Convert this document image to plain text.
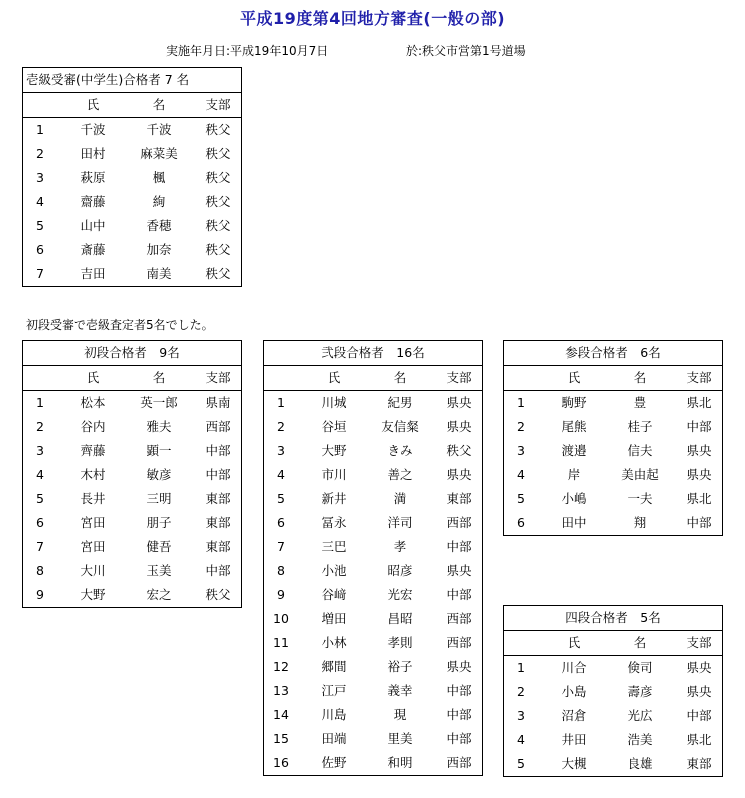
平成19度第4回地方審査(一般の部)
実施年月日:平成19年10月7日	於:秩父市営第1号道場
壱級受審(中学生)合格者 7 名
氏	名	支部
1	千波	千波	秩父
2	田村	麻菜美	秩父
3	萩原	楓	秩父
4	齋藤	絢	秩父
5	山中	香穂	秩父
6	斎藤	加奈	秩父
7	吉田	南美	秩父
初段受審で壱級査定者5名でした。
初段合格者　9名
氏	名	支部
1	松本	英一郎	県南
2	谷内	雅夫	西部
3	齊藤	顕一	中部
4	木村	敏彦	中部
5	長井	三明	東部
6	宮田	朋子	東部
7	宮田	健吾	東部
8	大川	玉美	中部
9	大野	宏之	秩父
弐段合格者　16名
氏	名	支部
1	川城	紀男	県央
2	谷垣	友信粲	県央
3	大野	きみ	秩父
4	市川	善之	県央
5	新井	満	東部
6	冨永	洋司	西部
7	三巴	孝	中部
8	小池	昭彦	県央
9	谷﨑	光宏	中部
10	増田	昌昭	西部
11	小林	孝則	西部
12	郷間	裕子	県央
13	江戸	義幸	中部
14	川島	現	中部
15	田端	里美	中部
16	佐野	和明	西部
参段合格者　6名
氏	名	支部
1	駒野	豊	県北
2	尾熊	桂子	中部
3	渡邉	信夫	県央
4	岸	美由起	県央
5	小嶋	一夫	県北
6	田中	翔	中部
四段合格者　5名
氏	名	支部
1	川合	倹司	県央
2	小島	壽彦	県央
3	沼倉	光広	中部
4	井田	浩美	県北
5	大槻	良雄	東部
